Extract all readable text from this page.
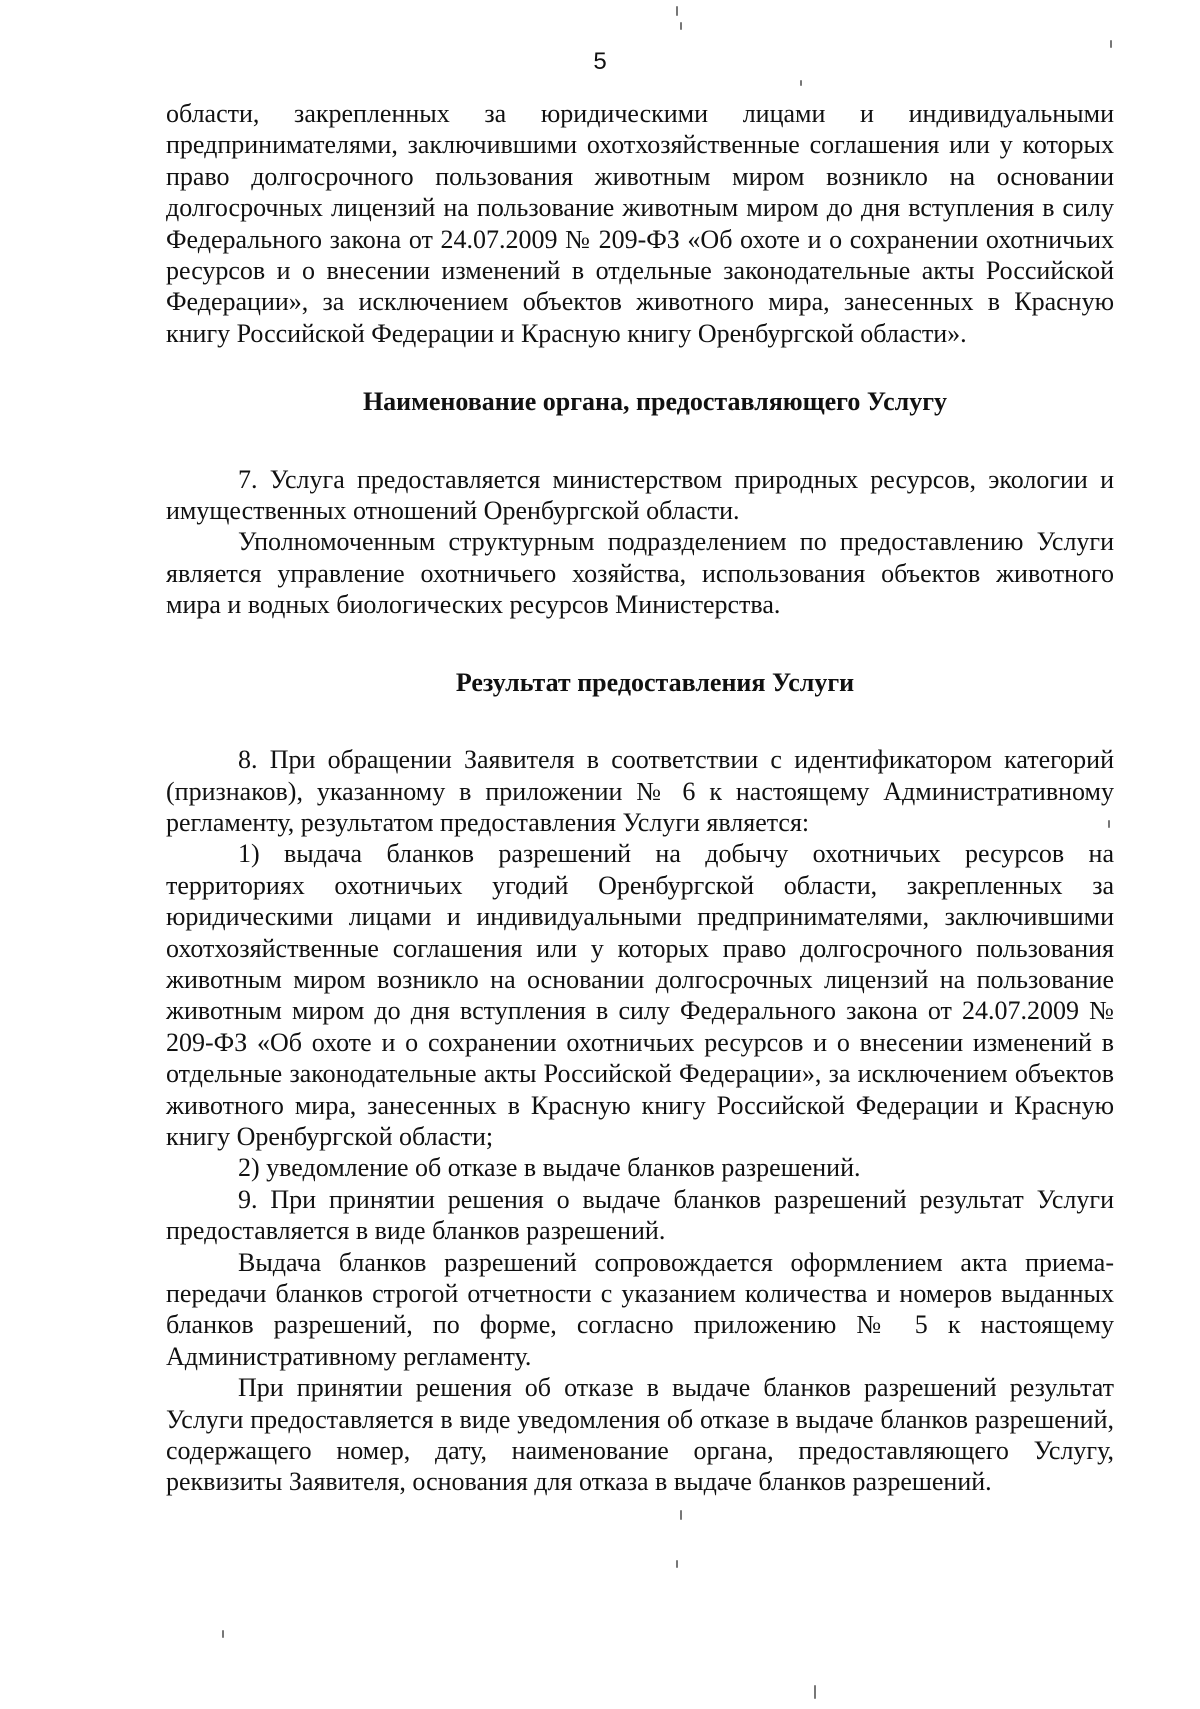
5

области, закрепленных за юридическими лицами и индивидуальными предпринимателями, заключившими охотхозяйственные соглашения или у которых право долгосрочного пользования животным миром возникло на основании долгосрочных лицензий на пользование животным миром до дня вступления в силу Федерального закона от 24.07.2009 № 209-ФЗ «Об охоте и о сохранении охотничьих ресурсов и о внесении изменений в отдельные законодательные акты Российской Федерации», за исключением объектов животного мира, занесенных в Красную книгу Российской Федерации и Красную книгу Оренбургской области».

Наименование органа, предоставляющего Услугу

7. Услуга предоставляется министерством природных ресурсов, экологии и имущественных отношений Оренбургской области.

Уполномоченным структурным подразделением по предоставлению Услуги является управление охотничьего хозяйства, использования объектов животного мира и водных биологических ресурсов Министерства.

Результат предоставления Услуги

8. При обращении Заявителя в соответствии с идентификатором категорий (признаков), указанному в приложении № 6 к настоящему Административному регламенту, результатом предоставления Услуги является:

1) выдача бланков разрешений на добычу охотничьих ресурсов на территориях охотничьих угодий Оренбургской области, закрепленных за юридическими лицами и индивидуальными предпринимателями, заключившими охотхозяйственные соглашения или у которых право долгосрочного пользования животным миром возникло на основании долгосрочных лицензий на пользование животным миром до дня вступления в силу Федерального закона от 24.07.2009 № 209-ФЗ «Об охоте и о сохранении охотничьих ресурсов и о внесении изменений в отдельные законодательные акты Российской Федерации», за исключением объектов животного мира, занесенных в Красную книгу Российской Федерации и Красную книгу Оренбургской области;

2) уведомление об отказе в выдаче бланков разрешений.

9. При принятии решения о выдаче бланков разрешений результат Услуги предоставляется в виде бланков разрешений.

Выдача бланков разрешений сопровождается оформлением акта приема-передачи бланков строгой отчетности с указанием количества и номеров выданных бланков разрешений, по форме, согласно приложению № 5 к настоящему Административному регламенту.

При принятии решения об отказе в выдаче бланков разрешений результат Услуги предоставляется в виде уведомления об отказе в выдаче бланков разрешений, содержащего номер, дату, наименование органа, предоставляющего Услугу, реквизиты Заявителя, основания для отказа в выдаче бланков разрешений.
